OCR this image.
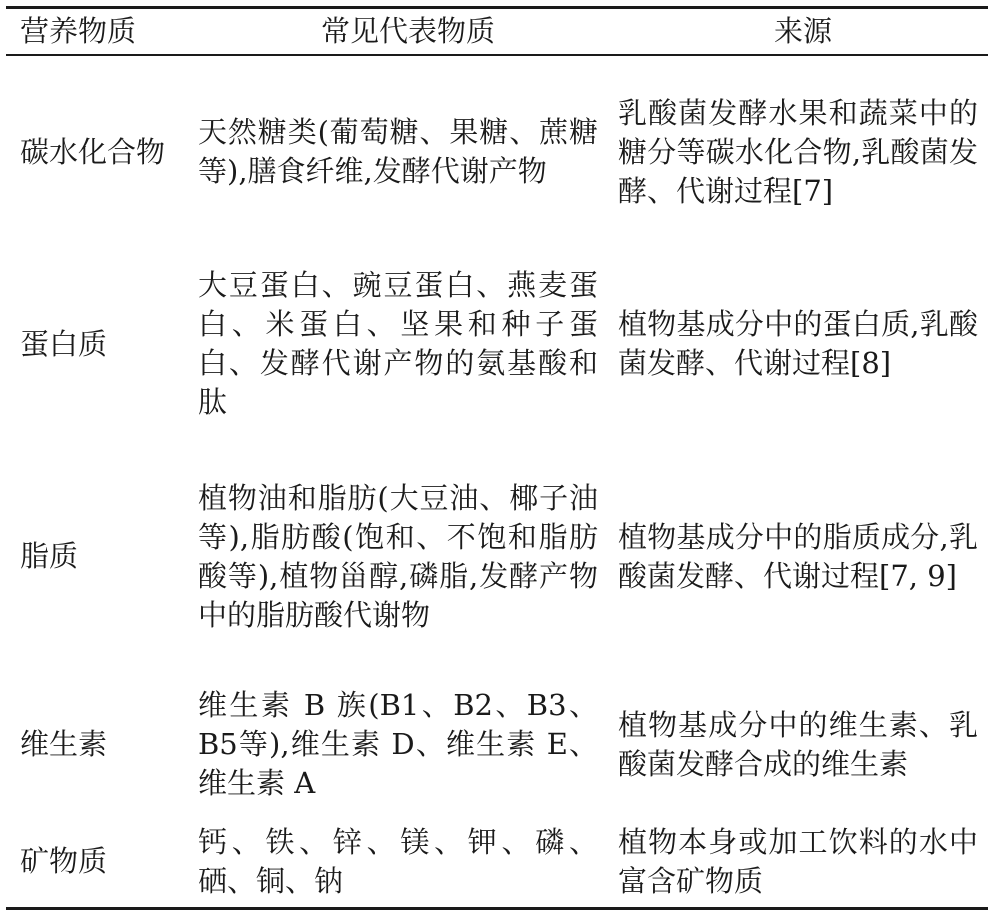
营养物质	常见代表物质	来源

碳水化合物	天然糖类(葡萄糖、果糖、蔗糖等),膳食纤维,发酵代谢产物	乳酸菌发酵水果和蔬菜中的糖分等碳水化合物,乳酸菌发酵、代谢过程[7]

蛋白质	大豆蛋白、豌豆蛋白、燕麦蛋白、米蛋白、坚果和种子蛋白、发酵代谢产物的氨基酸和肽	植物基成分中的蛋白质,乳酸菌发酵、代谢过程[8]

脂质	植物油和脂肪(大豆油、椰子油等),脂肪酸(饱和、不饱和脂肪酸等),植物甾醇,磷脂,发酵产物中的脂肪酸代谢物	植物基成分中的脂质成分,乳酸菌发酵、代谢过程[7, 9]

维生素	维生素 B 族(B1、B2、B3、B5等),维生素 D、维生素 E、维生素 A	植物基成分中的维生素、乳酸菌发酵合成的维生素

矿物质	钙、铁、锌、镁、钾、磷、硒、铜、钠	植物本身或加工饮料的水中富含矿物质
